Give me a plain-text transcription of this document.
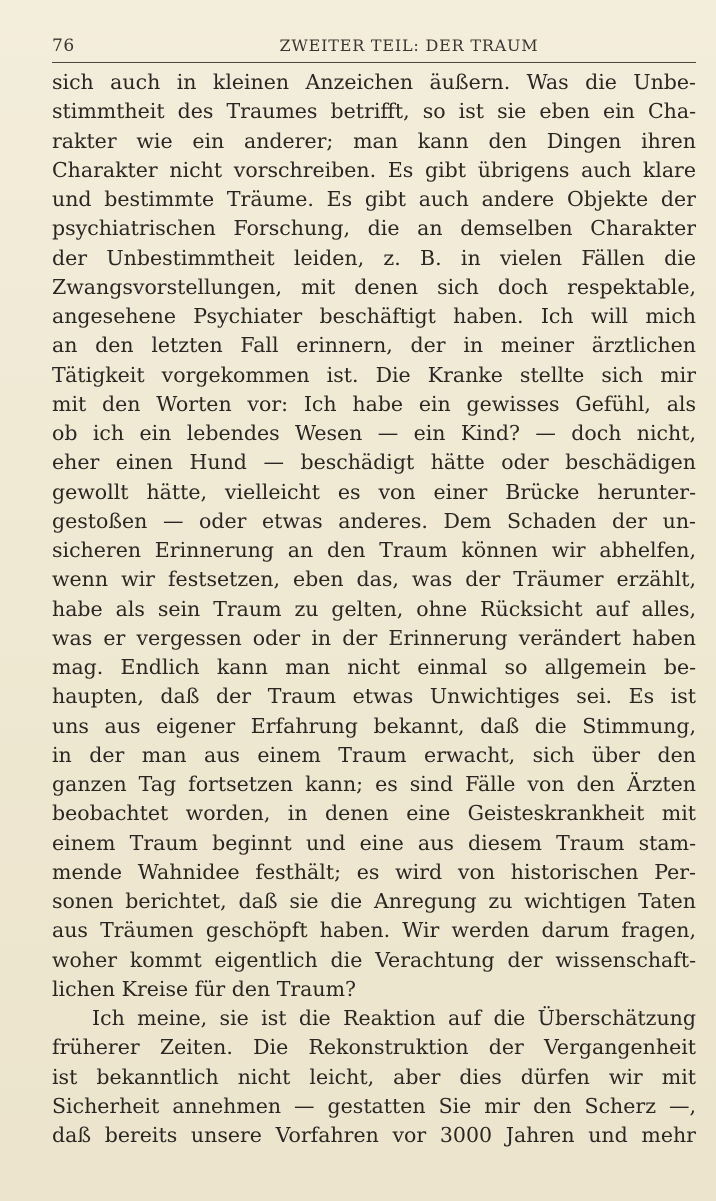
76	ZWEITER TEIL: DER TRAUM
sich auch in kleinen Anzeichen äußern. Was die Unbe-
stimmtheit des Traumes betrifft, so ist sie eben ein Cha-
rakter wie ein anderer; man kann den Dingen ihren
Charakter nicht vorschreiben. Es gibt übrigens auch klare
und bestimmte Träume. Es gibt auch andere Objekte der
psychiatrischen Forschung, die an demselben Charakter
der Unbestimmtheit leiden, z. B. in vielen Fällen die
Zwangsvorstellungen, mit denen sich doch respektable,
angesehene Psychiater beschäftigt haben. Ich will mich
an den letzten Fall erinnern, der in meiner ärztlichen
Tätigkeit vorgekommen ist. Die Kranke stellte sich mir
mit den Worten vor: Ich habe ein gewisses Gefühl, als
ob ich ein lebendes Wesen — ein Kind? — doch nicht,
eher einen Hund — beschädigt hätte oder beschädigen
gewollt hätte, vielleicht es von einer Brücke herunter-
gestoßen — oder etwas anderes. Dem Schaden der un-
sicheren Erinnerung an den Traum können wir abhelfen,
wenn wir festsetzen, eben das, was der Träumer erzählt,
habe als sein Traum zu gelten, ohne Rücksicht auf alles,
was er vergessen oder in der Erinnerung verändert haben
mag. Endlich kann man nicht einmal so allgemein be-
haupten, daß der Traum etwas Unwichtiges sei. Es ist
uns aus eigener Erfahrung bekannt, daß die Stimmung,
in der man aus einem Traum erwacht, sich über den
ganzen Tag fortsetzen kann; es sind Fälle von den Ärzten
beobachtet worden, in denen eine Geisteskrankheit mit
einem Traum beginnt und eine aus diesem Traum stam-
mende Wahnidee festhält; es wird von historischen Per-
sonen berichtet, daß sie die Anregung zu wichtigen Taten
aus Träumen geschöpft haben. Wir werden darum fragen,
woher kommt eigentlich die Verachtung der wissenschaft-
lichen Kreise für den Traum?
Ich meine, sie ist die Reaktion auf die Überschätzung
früherer Zeiten. Die Rekonstruktion der Vergangenheit
ist bekanntlich nicht leicht, aber dies dürfen wir mit
Sicherheit annehmen — gestatten Sie mir den Scherz —,
daß bereits unsere Vorfahren vor 3000 Jahren und mehr
